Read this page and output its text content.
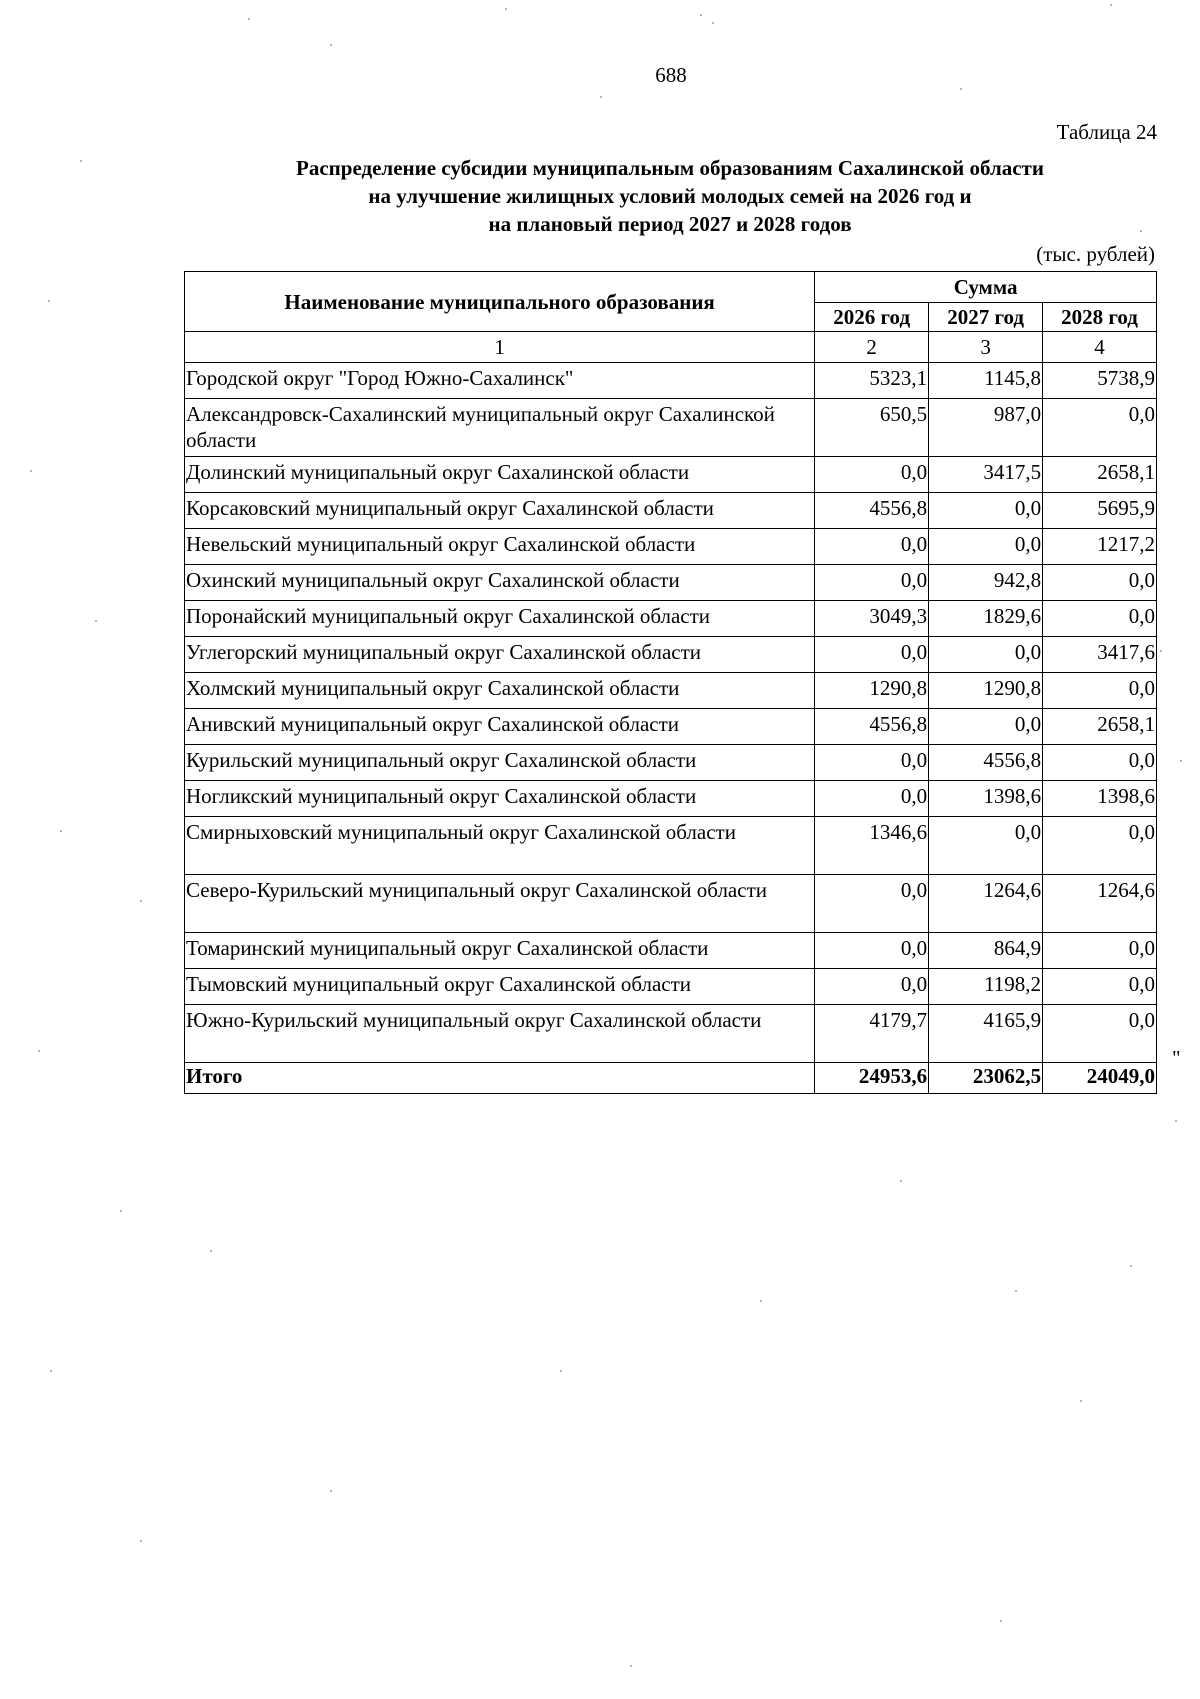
688
Таблица 24
Распределение субсидии муниципальным образованиям Сахалинской области
на улучшение жилищных условий молодых семей на 2026 год и
на плановый период 2027 и 2028 годов
(тыс. рублей)
Наименование муниципального образования	Сумма		
	2026 год	2027 год	2028 год
1	2	3	4
Городской округ "Город Южно-Сахалинск"	5323,1	1145,8	5738,9
Александровск-Сахалинский муниципальный округ Сахалинской области	650,5	987,0	0,0
Долинский муниципальный округ Сахалинской области	0,0	3417,5	2658,1
Корсаковский муниципальный округ Сахалинской области	4556,8	0,0	5695,9
Невельский муниципальный округ Сахалинской области	0,0	0,0	1217,2
Охинский муниципальный округ Сахалинской области	0,0	942,8	0,0
Поронайский муниципальный округ Сахалинской области	3049,3	1829,6	0,0
Углегорский муниципальный округ Сахалинской области	0,0	0,0	3417,6
Холмский муниципальный округ Сахалинской области	1290,8	1290,8	0,0
Анивский муниципальный округ Сахалинской области	4556,8	0,0	2658,1
Курильский муниципальный округ Сахалинской области	0,0	4556,8	0,0
Ногликский муниципальный округ Сахалинской области	0,0	1398,6	1398,6
Смирныховский муниципальный округ Сахалинской области	1346,6	0,0	0,0
Северо-Курильский муниципальный округ Сахалинской области	0,0	1264,6	1264,6
Томаринский муниципальный округ Сахалинской области	0,0	864,9	0,0
Тымовский муниципальный округ Сахалинской области	0,0	1198,2	0,0
Южно-Курильский муниципальный округ Сахалинской области	4179,7	4165,9	0,0
Итого	24953,6	23062,5	24049,0
"
